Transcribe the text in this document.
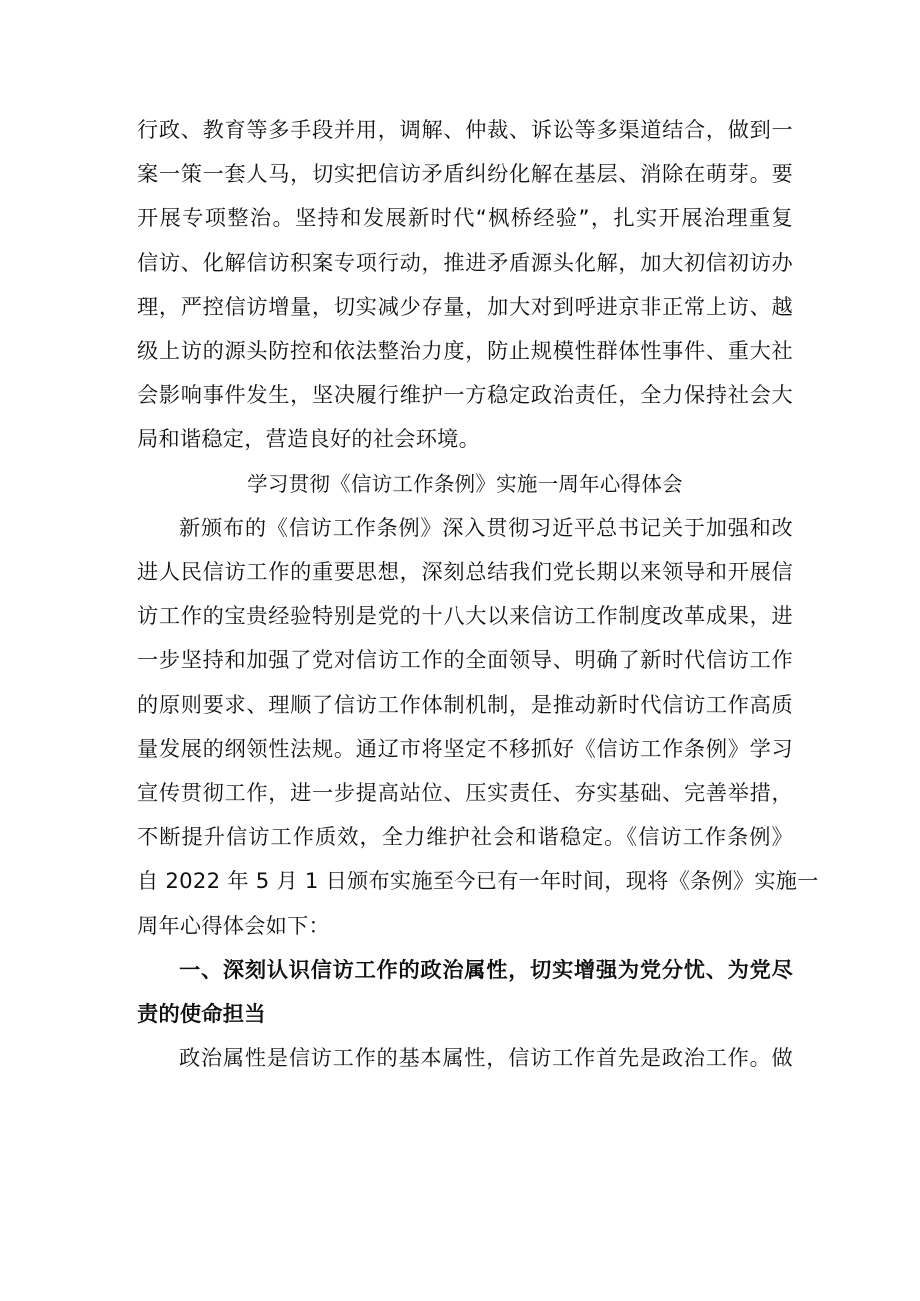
行政、教育等多手段并用，调解、仲裁、诉讼等多渠道结合，做到一
案一策一套人马，切实把信访矛盾纠纷化解在基层、消除在萌芽。要
开展专项整治。坚持和发展新时代“枫桥经验”，扎实开展治理重复
信访、化解信访积案专项行动，推进矛盾源头化解，加大初信初访办
理，严控信访增量，切实减少存量，加大对到呼进京非正常上访、越
级上访的源头防控和依法整治力度，防止规模性群体性事件、重大社
会影响事件发生，坚决履行维护一方稳定政治责任，全力保持社会大
局和谐稳定，营造良好的社会环境。

学习贯彻《信访工作条例》实施一周年心得体会

新颁布的《信访工作条例》深入贯彻习近平总书记关于加强和改
进人民信访工作的重要思想，深刻总结我们党长期以来领导和开展信
访工作的宝贵经验特别是党的十八大以来信访工作制度改革成果，进
一步坚持和加强了党对信访工作的全面领导、明确了新时代信访工作
的原则要求、理顺了信访工作体制机制，是推动新时代信访工作高质
量发展的纲领性法规。通辽市将坚定不移抓好《信访工作条例》学习
宣传贯彻工作，进一步提高站位、压实责任、夯实基础、完善举措，
不断提升信访工作质效，全力维护社会和谐稳定。《信访工作条例》
自 2022 年 5 月 1 日颁布实施至今已有一年时间，现将《条例》实施一
周年心得体会如下：

一、深刻认识信访工作的政治属性，切实增强为党分忧、为党尽
责的使命担当

政治属性是信访工作的基本属性，信访工作首先是政治工作。做
